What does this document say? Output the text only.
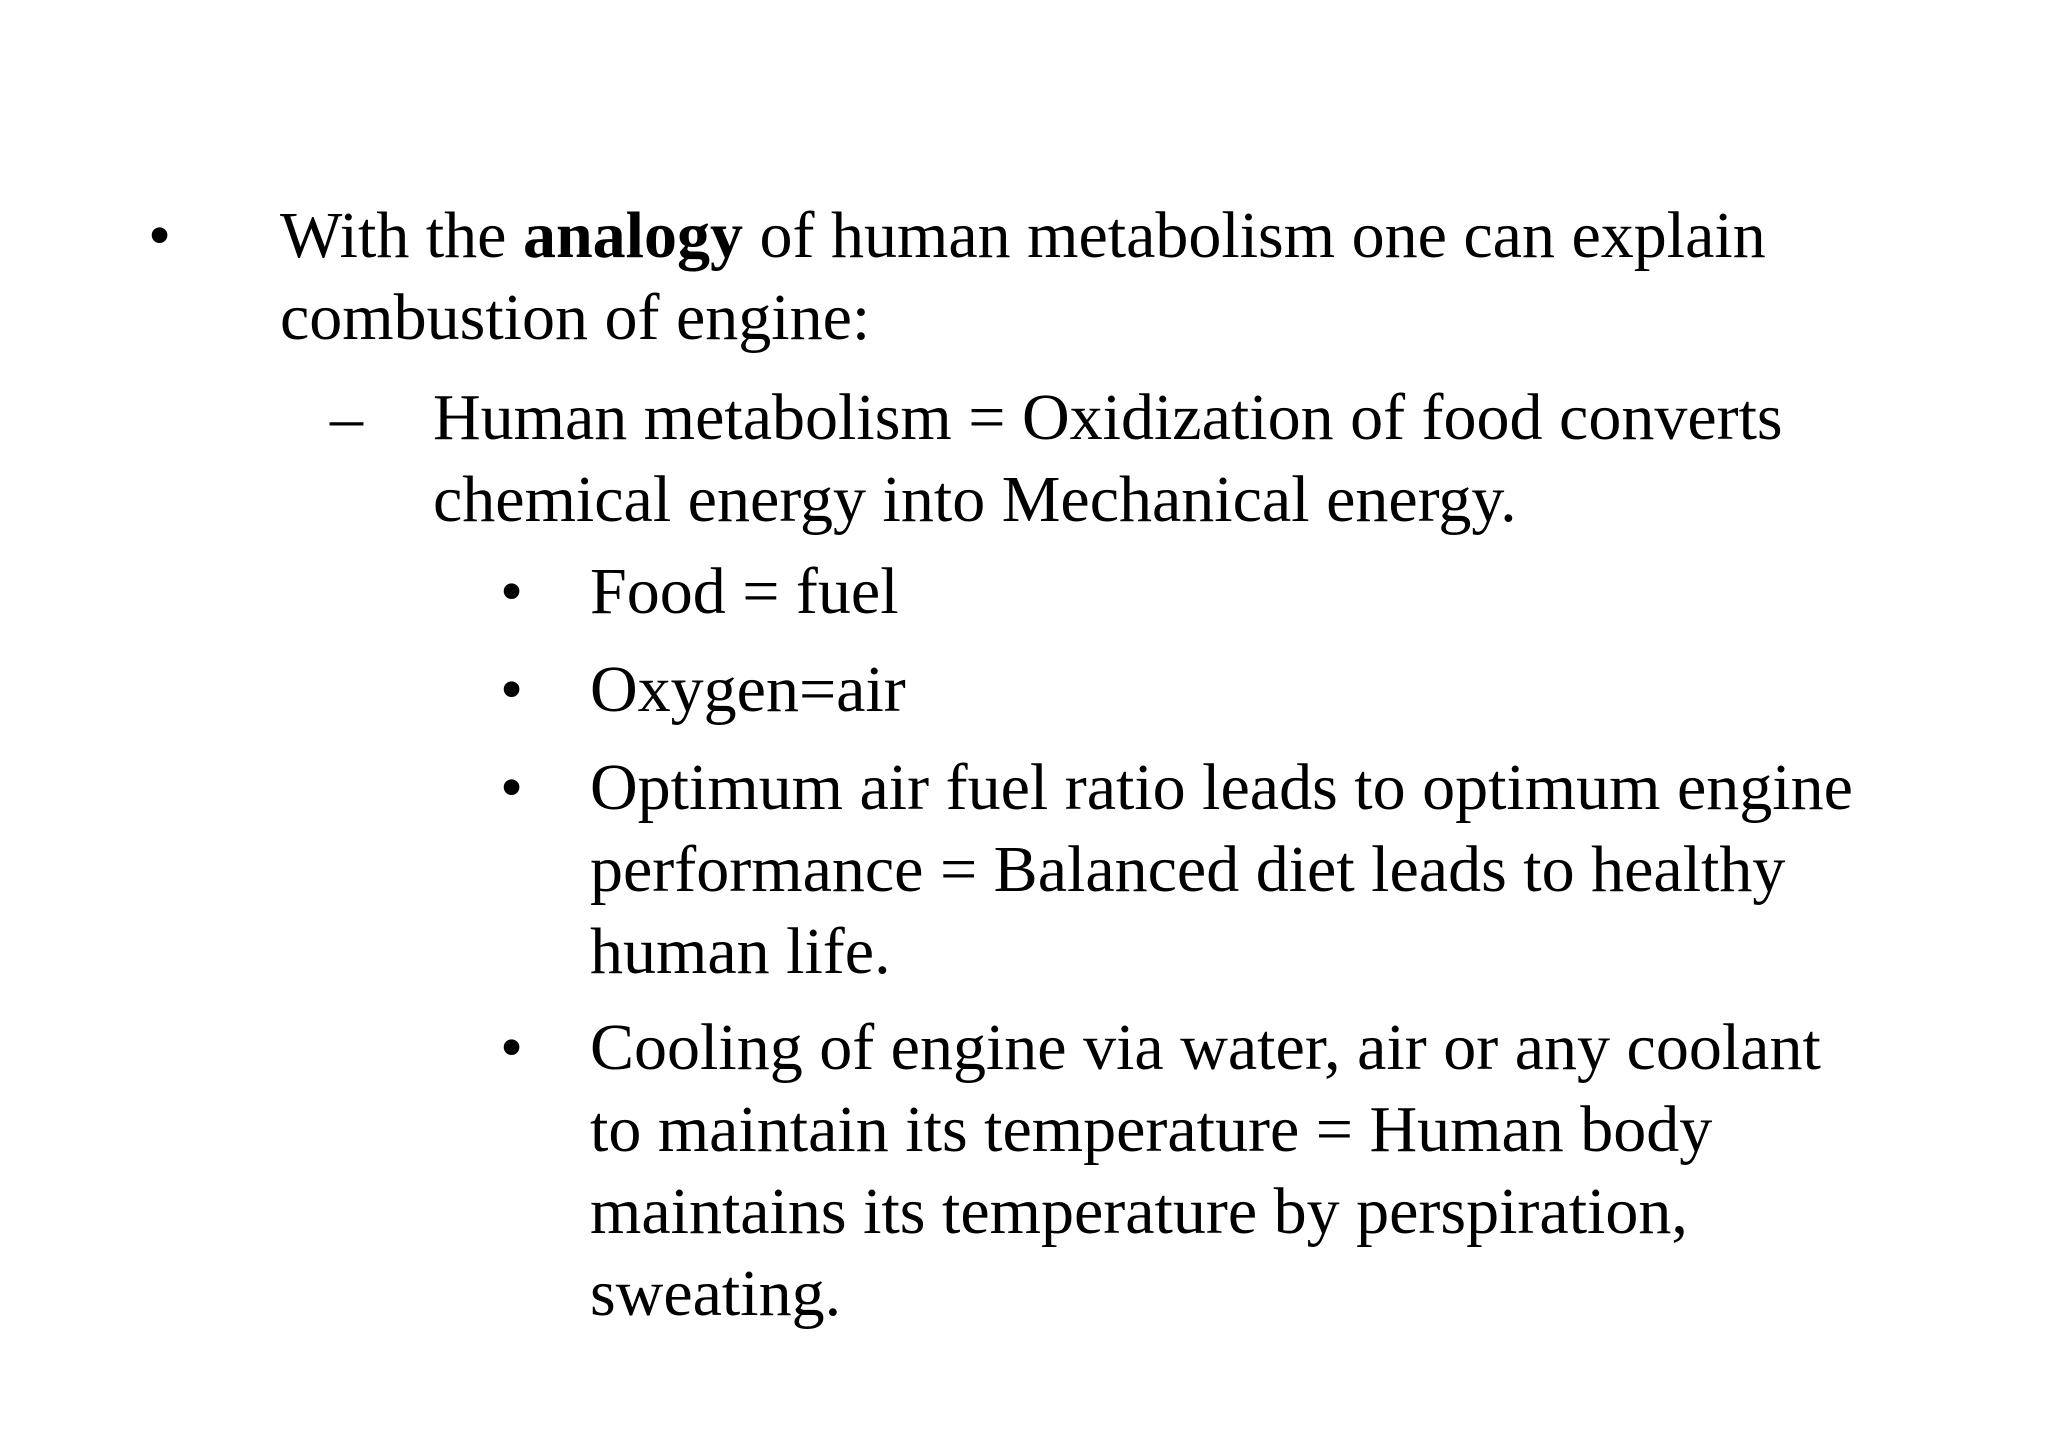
• With the analogy of human metabolism one can explain
combustion of engine:
– Human metabolism = Oxidization of food converts
chemical energy into Mechanical energy.
• Food = fuel
• Oxygen=air
• Optimum air fuel ratio leads to optimum engine
performance = Balanced diet leads to healthy
human life.
• Cooling of engine via water, air or any coolant
to maintain its temperature = Human body
maintains its temperature by perspiration,
sweating.
